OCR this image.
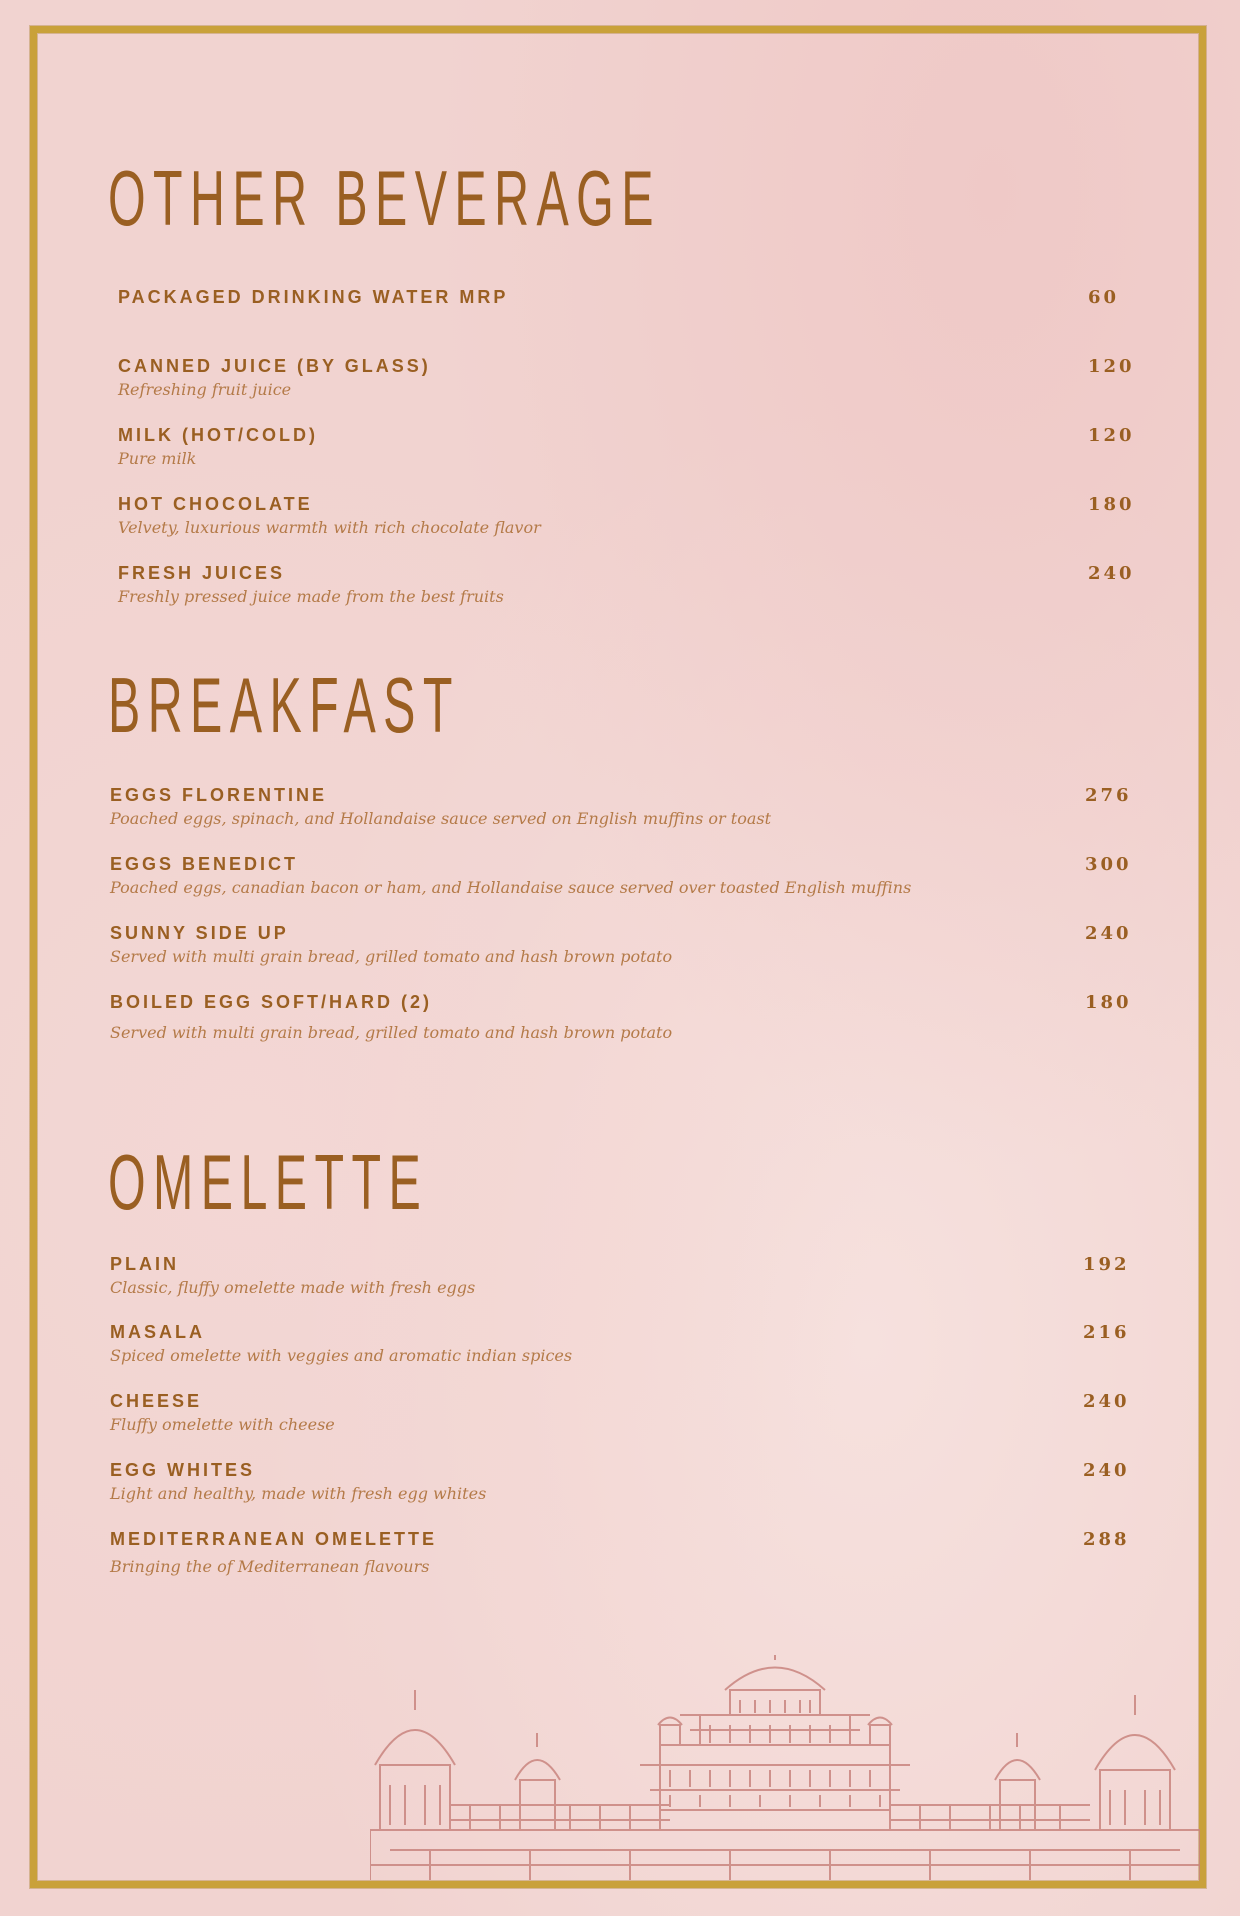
OTHER BEVERAGE
PACKAGED DRINKING WATER MRP	60
CANNED JUICE (BY GLASS)
Refreshing fruit juice
120
MILK (HOT/COLD)
Pure milk
120
HOT CHOCOLATE
Velvety, luxurious warmth with rich chocolate flavor
180
FRESH JUICES
Freshly pressed juice made from the best fruits
240
BREAKFAST
EGGS FLORENTINE
Poached eggs, spinach, and Hollandaise sauce served on English muffins or toast
276
EGGS BENEDICT
Poached eggs, canadian bacon or ham, and Hollandaise sauce served over toasted English muffins
300
SUNNY SIDE UP
Served with multi grain bread, grilled tomato and hash brown potato
240
BOILED EGG SOFT/HARD (2)
Served with multi grain bread, grilled tomato and hash brown potato
180
OMELETTE
PLAIN
Classic, fluffy omelette made with fresh eggs
192
MASALA
Spiced omelette with veggies and aromatic indian spices
216
CHEESE
Fluffy omelette with cheese
240
EGG WHITES
Light and healthy, made with fresh egg whites
240
MEDITERRANEAN OMELETTE
Bringing the of Mediterranean flavours
288
